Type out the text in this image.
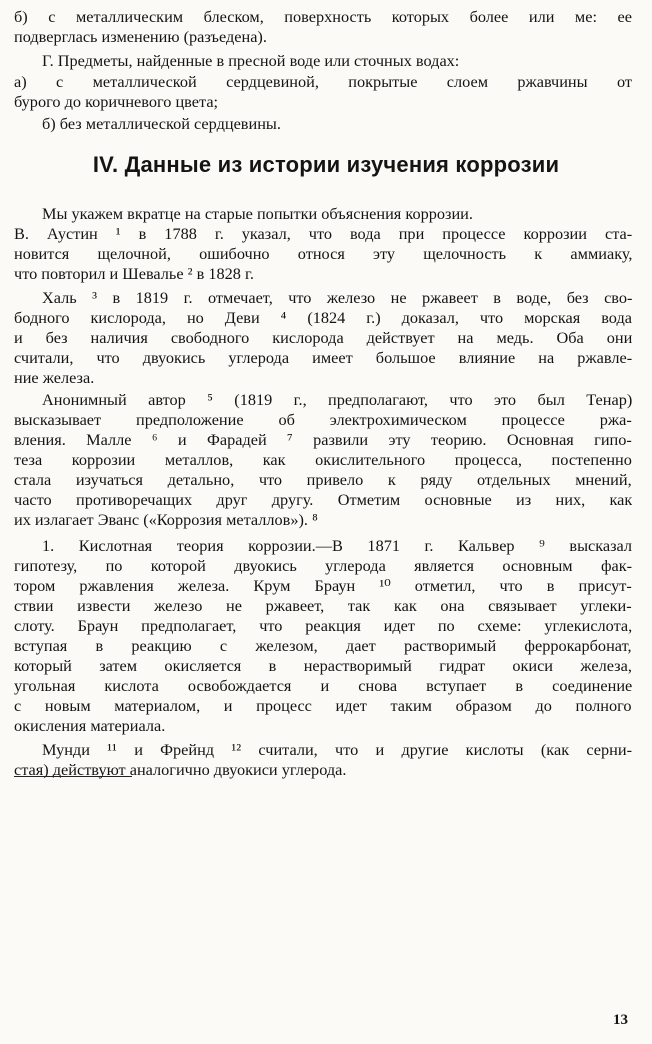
б) с металлическим блеском, поверхность которых более или ме: ее
подверглась изменению (разъедена).
Г. Предметы, найденные в пресной воде или сточных водах:
а) с металлической сердцевиной, покрытые слоем ржавчины от
бурого до коричневого цвета;
б) без металлической сердцевины.
IV. Данные из истории изучения коррозии
Мы укажем вкратце на старые попытки объяснения коррозии.
В. Аустин ¹ в 1788 г. указал, что вода при процессе коррозии ста-
новится щелочной, ошибочно относя эту щелочность к аммиаку,
что повторил и Шевалье ² в 1828 г.
Халь ³ в 1819 г. отмечает, что железо не ржавеет в воде, без сво-
бодного кислорода, но Деви ⁴ (1824 г.) доказал, что морская вода
и без наличия свободного кислорода действует на медь. Оба они
считали, что двуокись углерода имеет большое влияние на ржавле-
ние железа.
Анонимный автор ⁵ (1819 г., предполагают, что это был Тенар)
высказывает предположение об электрохимическом процессе ржа-
вления. Малле ⁶ и Фарадей ⁷ развили эту теорию. Основная гипо-
теза коррозии металлов, как окислительного процесса, постепенно
стала изучаться детально, что привело к ряду отдельных мнений,
часто противоречащих друг другу. Отметим основные из них, как
их излагает Эванс («Коррозия металлов»). ⁸
1. Кислотная теория коррозии.—В 1871 г. Кальвер ⁹ высказал
гипотезу, по которой двуокись углерода является основным фак-
тором ржавления железа. Крум Браун ¹⁰ отметил, что в присут-
ствии извести железо не ржавеет, так как она связывает углеки-
слоту. Браун предполагает, что реакция идет по схеме: углекислота,
вступая в реакцию с железом, дает растворимый феррокарбонат,
который затем окисляется в нерастворимый гидрат окиси железа,
угольная кислота освобождается и снова вступает в соединение
с новым материалом, и процесс идет таким образом до полного
окисления материала.
Мунди ¹¹ и Фрейнд ¹² считали, что и другие кислоты (как серни-
стая) действуют аналогично двуокиси углерода.
13
